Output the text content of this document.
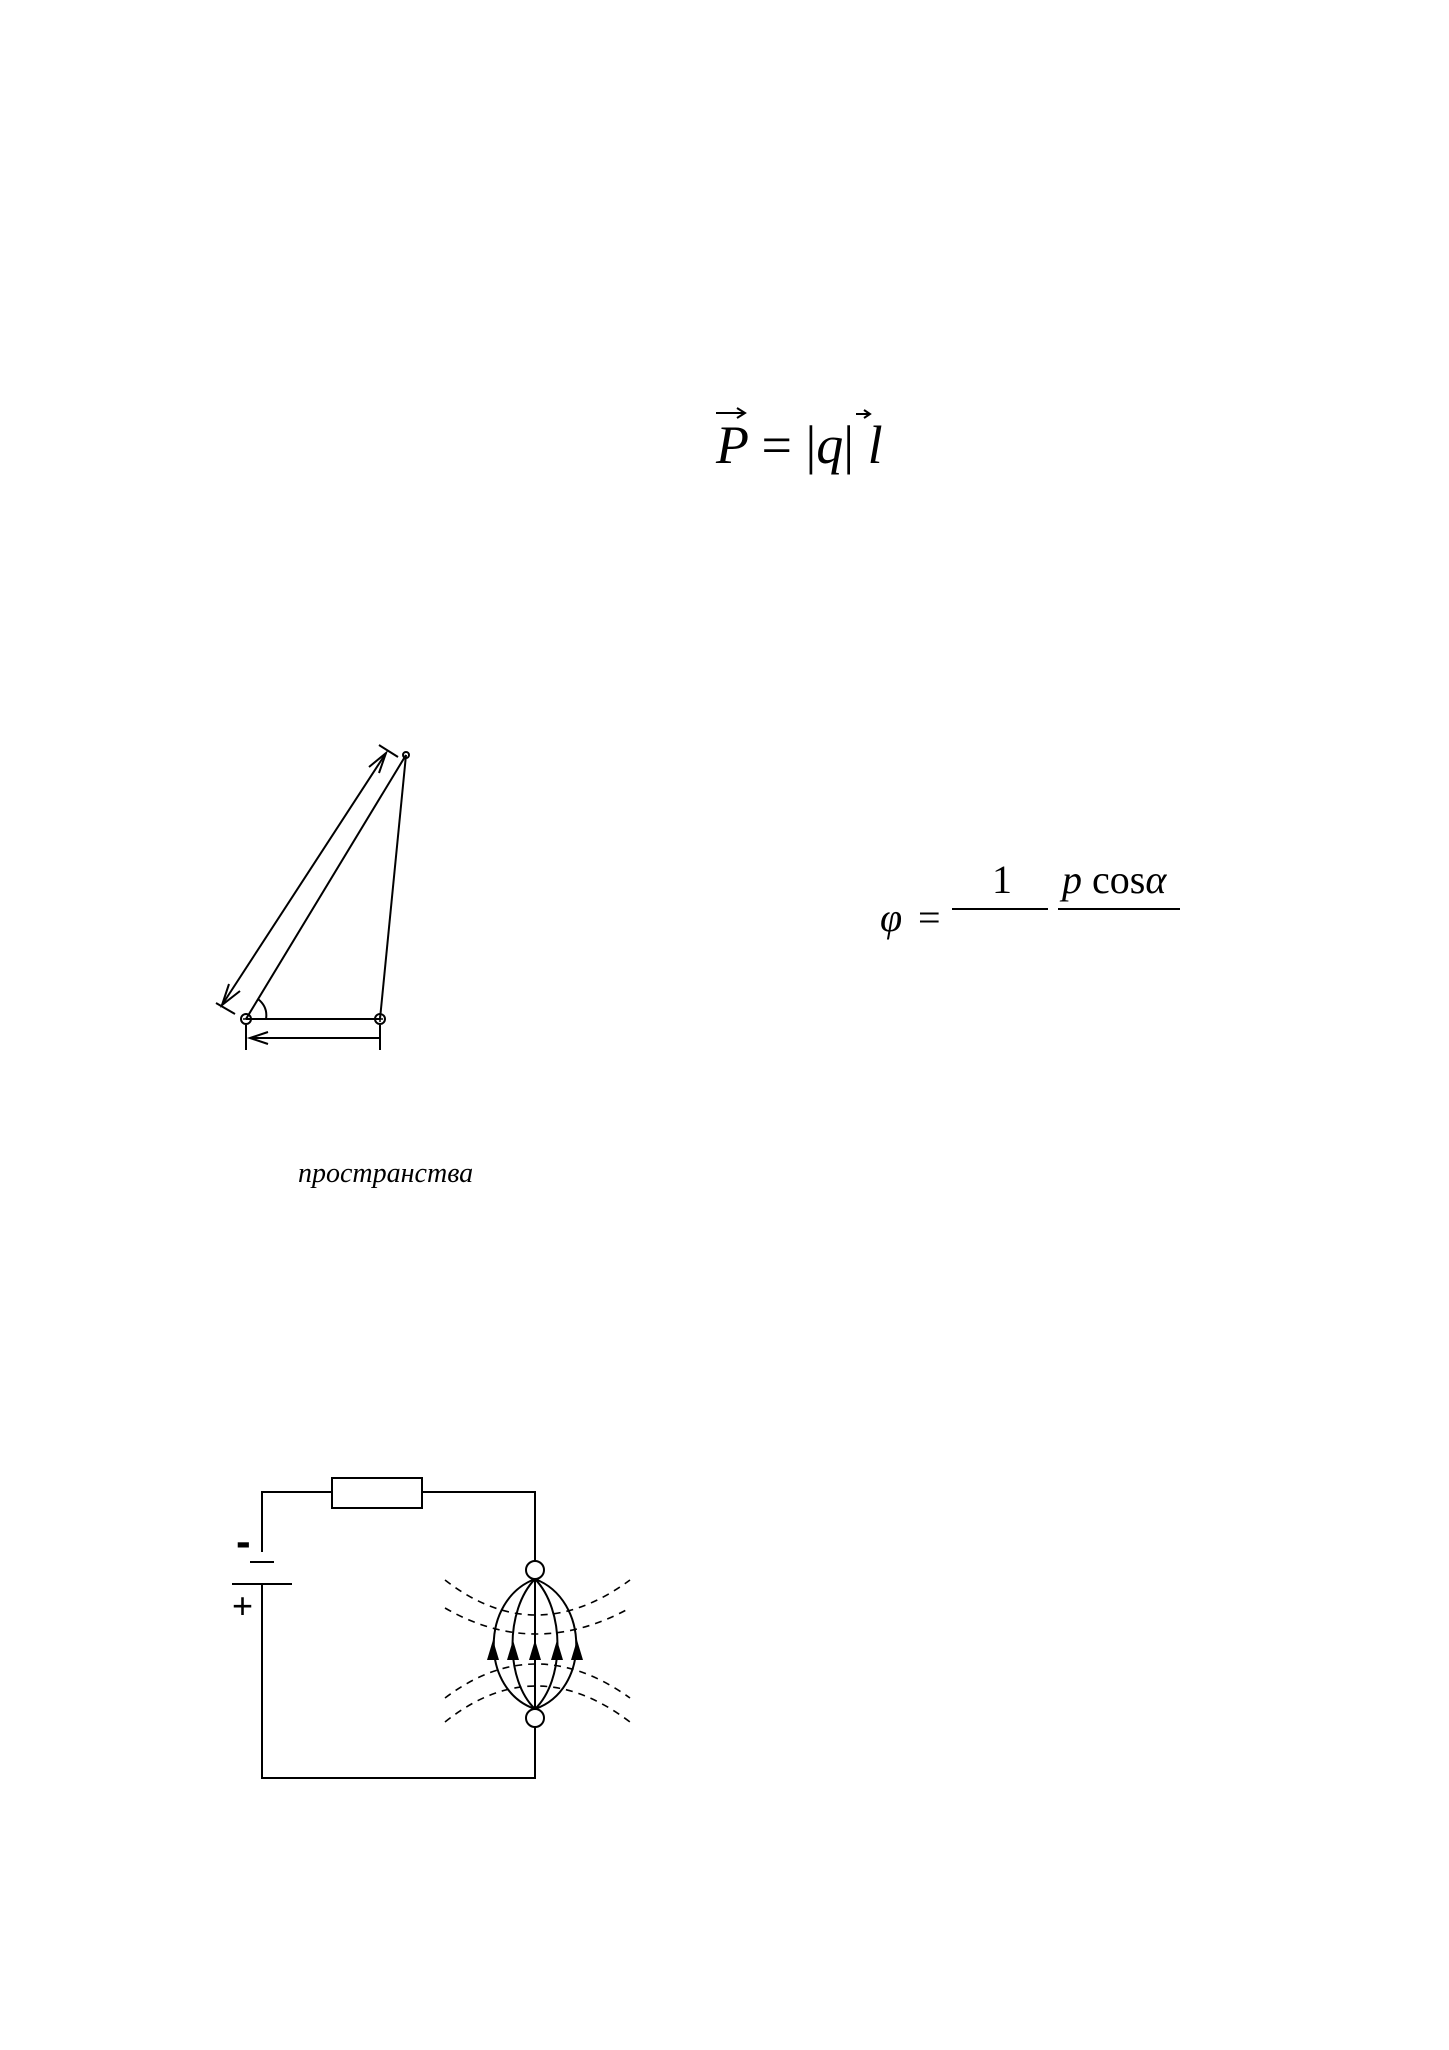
P = |q| l
φ =
1 p cosα
пространства
-
+
